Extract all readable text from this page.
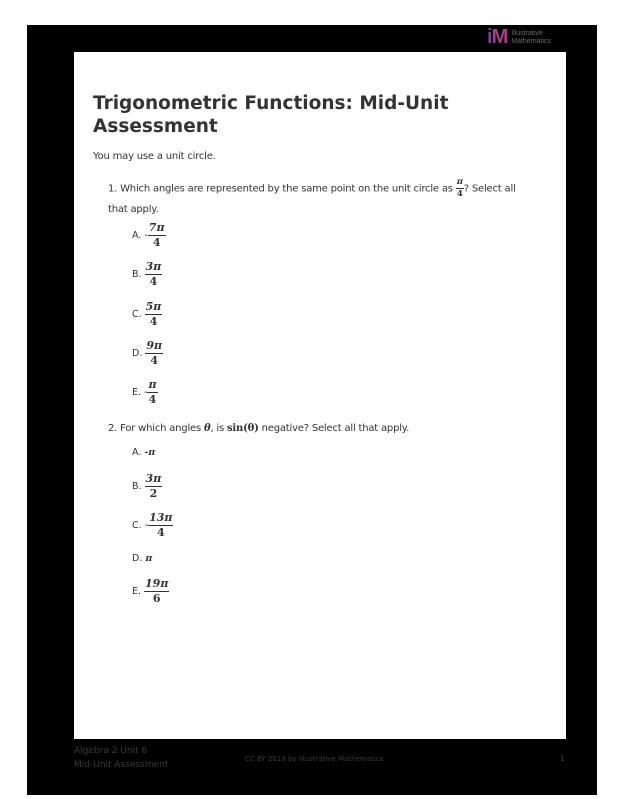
iM Illustrative
Mathematics
Trigonometric Functions: Mid-Unit Assessment
You may use a unit circle.
1. Which angles are represented by the same point on the unit circle as $\frac{\pi}{4}$ ? Select all that apply.
A. - $\frac{7\pi}{4}$
B. $\frac{3\pi}{4}$
C. $\frac{5\pi}{4}$
D. $\frac{9\pi}{4}$
E. - $\frac{\pi}{4}$
2. For which angles θ, is sin(θ) negative? Select all that apply.
A. -π
B. $\frac{3\pi}{2}$
C. - $\frac{13\pi}{4}$
D. π
E. $\frac{19\pi}{6}$
Algebra 2 Unit 6
Mid-Unit Assessment
CC BY 2019 by Illustrative Mathematics	1
